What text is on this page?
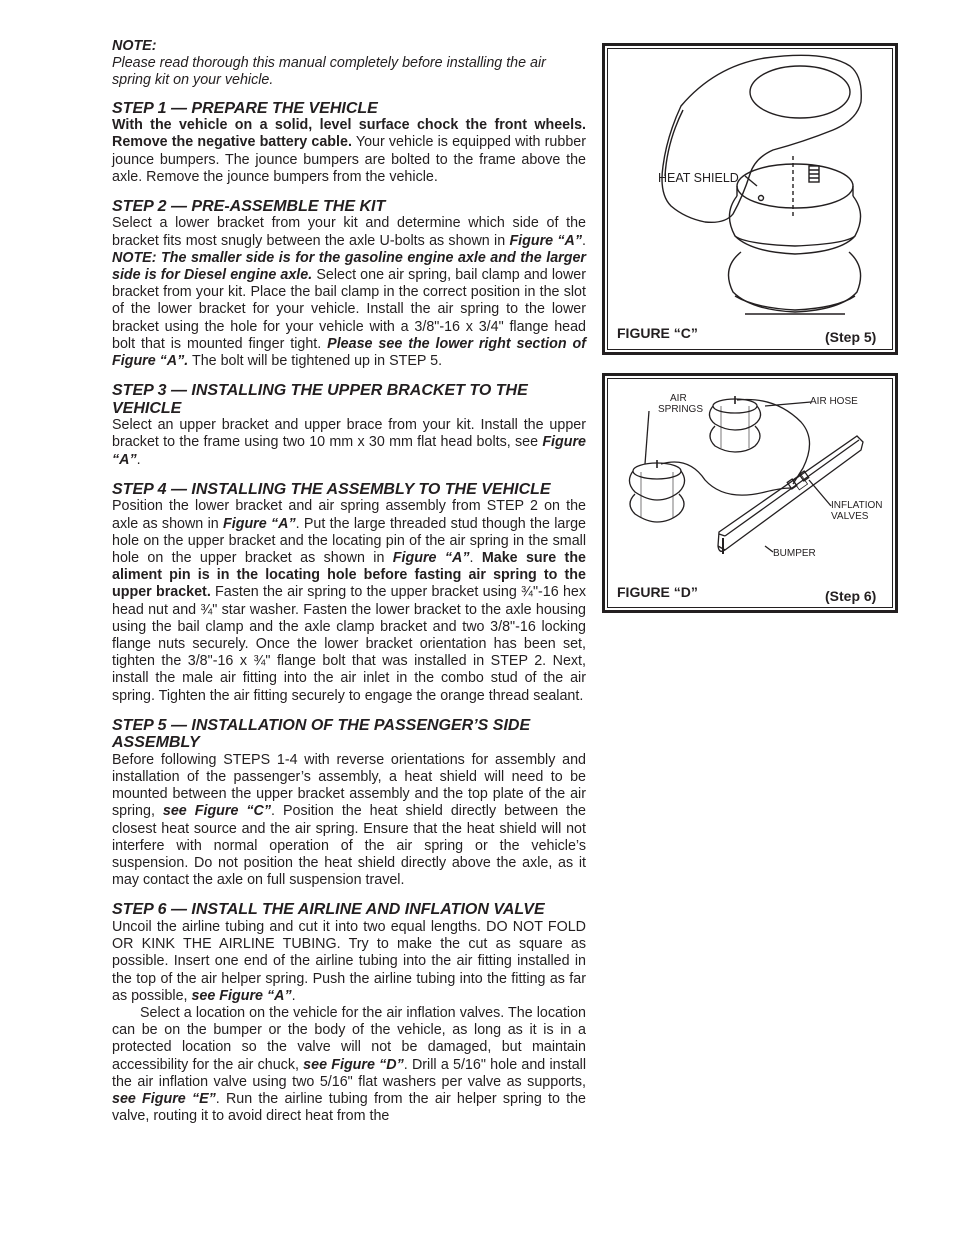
NOTE:

Please read thorough this manual completely before installing the air spring kit on your vehicle.

STEP 1 — PREPARE THE VEHICLE

With the vehicle on a solid, level surface chock the front wheels. Remove the negative battery cable. Your vehicle is equipped with rubber jounce bumpers. The jounce bumpers are bolted to the frame above the axle. Remove the jounce bumpers from the vehicle.

STEP 2 — PRE-ASSEMBLE THE KIT

Select a lower bracket from your kit and determine which side of the bracket fits most snugly between the axle U-bolts as shown in Figure “A”. NOTE: The smaller side is for the gasoline engine axle and the larger side is for Diesel engine axle. Select one air spring, bail clamp and lower bracket from your kit. Place the bail clamp in the correct position in the slot of the lower bracket for your vehicle. Install the air spring to the lower bracket using the hole for your vehicle with a 3/8"-16 x 3/4" flange head bolt that is mounted finger tight. Please see the lower right section of Figure “A”. The bolt will be tightened up in STEP 5.

STEP 3 — INSTALLING THE UPPER BRACKET TO THE VEHICLE

Select an upper bracket and upper brace from your kit. Install the upper bracket to the frame using two 10 mm x 30 mm flat head bolts, see Figure “A”.

STEP 4 — INSTALLING THE ASSEMBLY TO THE VEHICLE

Position the lower bracket and air spring assembly from STEP 2 on the axle as shown in Figure “A”. Put the large threaded stud though the large hole on the upper bracket and the locating pin of the air spring in the small hole on the upper bracket as shown in Figure “A”. Make sure the aliment pin is in the locating hole before fasting air spring to the upper bracket. Fasten the air spring to the upper bracket using ¾"-16 hex head nut and ¾" star washer. Fasten the lower bracket to the axle housing using the bail clamp and the axle clamp bracket and two 3/8"-16 locking flange nuts securely. Once the lower bracket orientation has been set, tighten the 3/8"-16 x ¾" flange bolt that was installed in STEP 2. Next, install the male air fitting into the air inlet in the combo stud of the air spring. Tighten the air fitting securely to engage the orange thread sealant.

STEP 5 — INSTALLATION OF THE PASSENGER’S SIDE ASSEMBLY

Before following STEPS 1-4 with reverse orientations for assembly and installation of the passenger’s assembly, a heat shield will need to be mounted between the upper bracket assembly and the top plate of the air spring, see Figure “C”. Position the heat shield directly between the closest heat source and the air spring. Ensure that the heat shield will not interfere with normal operation of the air spring or the vehicle’s suspension. Do not position the heat shield directly above the axle, as it may contact the axle on full suspension travel.

STEP 6 — INSTALL THE AIRLINE AND INFLATION VALVE

Uncoil the airline tubing and cut it into two equal lengths. DO NOT FOLD OR KINK THE AIRLINE TUBING. Try to make the cut as square as possible. Insert one end of the airline tubing into the air fitting installed in the top of the air helper spring. Push the airline tubing into the fitting as far as possible, see Figure “A”.

Select a location on the vehicle for the air inflation valves. The location can be on the bumper or the body of the vehicle, as long as it is in a protected location so the valve will not be damaged, but maintain accessibility for the air chuck, see Figure “D”. Drill a 5/16" hole and install the air inflation valve using two 5/16" flat washers per valve as supports, see Figure “E”. Run the airline tubing from the air helper spring to the valve, routing it to avoid direct heat from the

HEAT SHIELD
FIGURE “C”	(Step 5)
AIR
SPRINGS
AIR HOSE
INFLATION
VALVES
BUMPER
FIGURE “D”	(Step 6)
